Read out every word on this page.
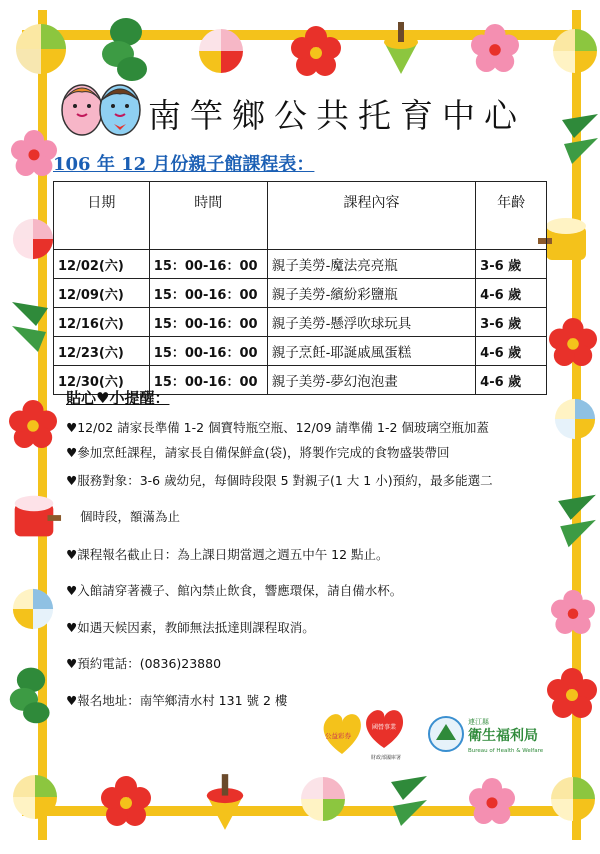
南竿鄉公共托育中心
106 年 12 月份親子館課程表：
日期	時間	課程內容	年齡
12/02(六)	15：00-16：00	親子美勞-魔法亮亮瓶	3-6 歲
12/09(六)	15：00-16：00	親子美勞-繽紛彩鹽瓶	4-6 歲
12/16(六)	15：00-16：00	親子美勞-懸浮吹球玩具	3-6 歲
12/23(六)	15：00-16：00	親子烹飪-耶誕戚風蛋糕	4-6 歲
12/30(六)	15：00-16：00	親子美勞-夢幻泡泡畫	4-6 歲
貼心♥小提醒：
♥12/02 請家長準備 1-2 個寶特瓶空瓶、12/09 請準備 1-2 個玻璃空瓶加蓋
♥參加烹飪課程，請家長自備保鮮盒(袋)，將製作完成的食物盛裝帶回
♥服務對象：3-6 歲幼兒，每個時段限 5 對親子(1 大 1 小)預約，最多能選二
個時段，額滿為止
♥課程報名截止日：為上課日期當週之週五中午 12 點止。
♥入館請穿著襪子、館內禁止飲食，響應環保，請自備水杯。
♥如遇天候因素，教師無法抵達則課程取消。
♥預約電話：(0836)23880
♥報名地址：南竿鄉清水村 131 號 2 樓
公益彩券
國營事業
財政部國庫署
連江縣
衛生福利局
Bureau of Health & Welfare
